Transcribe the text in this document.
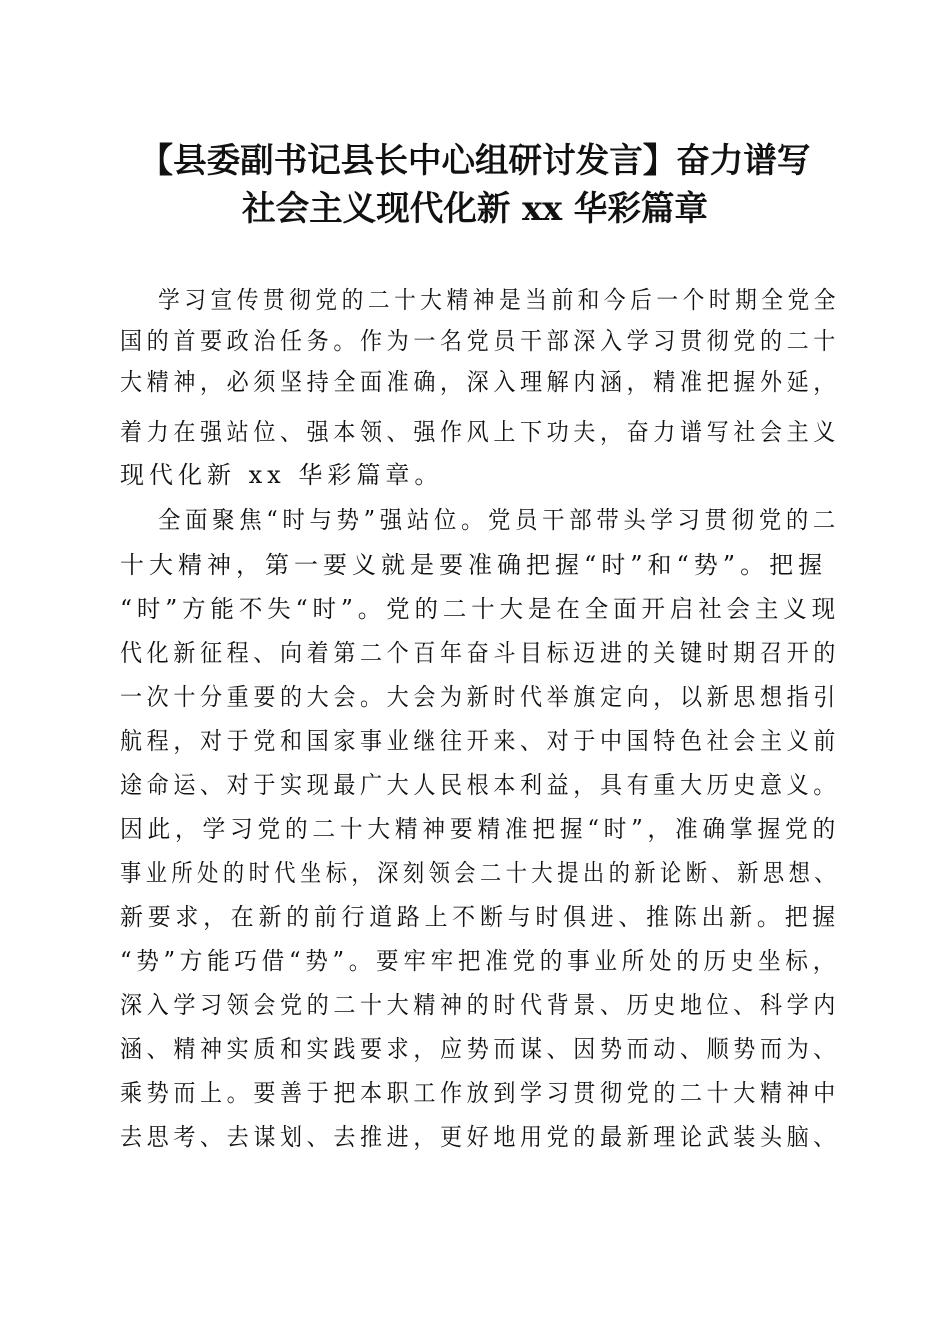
【县委副书记县长中心组研讨发言】奋力谱写
社会主义现代化新 xx 华彩篇章
学习宣传贯彻党的二十大精神是当前和今后一个时期全党全
国的首要政治任务。作为一名党员干部深入学习贯彻党的二十
大精神，必须坚持全面准确，深入理解内涵，精准把握外延，
着力在强站位、强本领、强作风上下功夫，奋力谱写社会主义
现代化新 xx 华彩篇章。
全面聚焦“时与势”强站位。党员干部带头学习贯彻党的二
十大精神，第一要义就是要准确把握“时”和“势”。把握
“时”方能不失“时”。党的二十大是在全面开启社会主义现
代化新征程、向着第二个百年奋斗目标迈进的关键时期召开的
一次十分重要的大会。大会为新时代举旗定向，以新思想指引
航程，对于党和国家事业继往开来、对于中国特色社会主义前
途命运、对于实现最广大人民根本利益，具有重大历史意义。
因此，学习党的二十大精神要精准把握“时”，准确掌握党的
事业所处的时代坐标，深刻领会二十大提出的新论断、新思想、
新要求，在新的前行道路上不断与时俱进、推陈出新。把握
“势”方能巧借“势”。要牢牢把准党的事业所处的历史坐标，
深入学习领会党的二十大精神的时代背景、历史地位、科学内
涵、精神实质和实践要求，应势而谋、因势而动、顺势而为、
乘势而上。要善于把本职工作放到学习贯彻党的二十大精神中
去思考、去谋划、去推进，更好地用党的最新理论武装头脑、
